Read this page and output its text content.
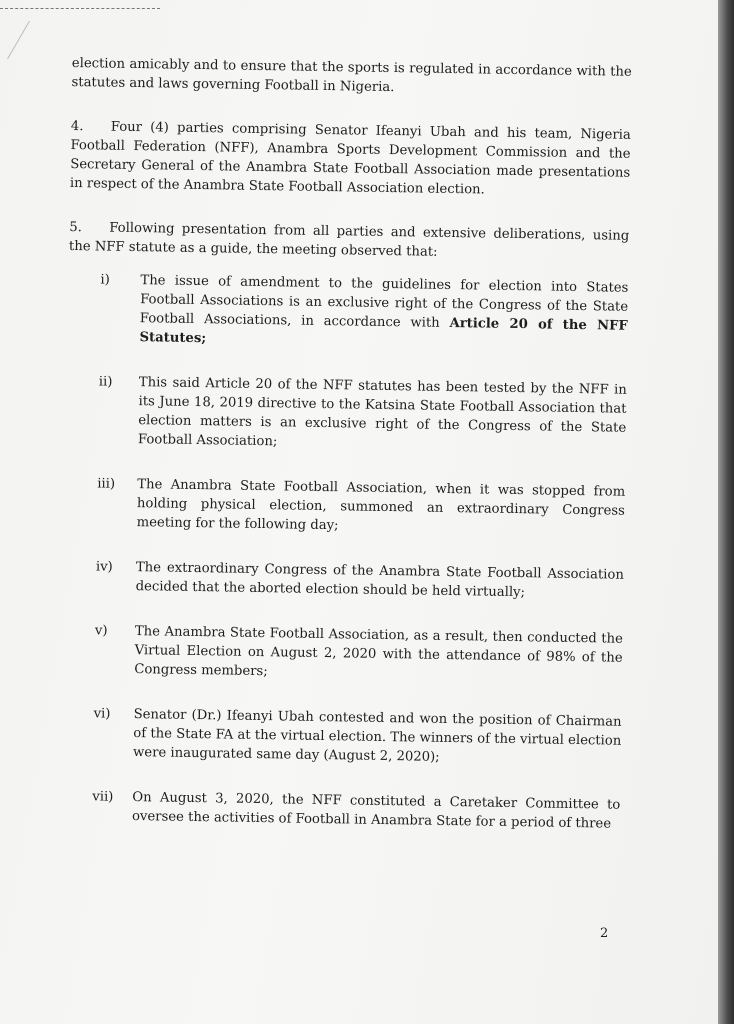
election amicably and to ensure that the sports is regulated in accordance with the statutes and laws governing Football in Nigeria.

4. Four (4) parties comprising Senator Ifeanyi Ubah and his team, Nigeria Football Federation (NFF), Anambra Sports Development Commission and the Secretary General of the Anambra State Football Association made presentations in respect of the Anambra State Football Association election.

5. Following presentation from all parties and extensive deliberations, using the NFF statute as a guide, the meeting observed that:

i) The issue of amendment to the guidelines for election into States Football Associations is an exclusive right of the Congress of the State Football Associations, in accordance with Article 20 of the NFF Statutes;
ii) This said Article 20 of the NFF statutes has been tested by the NFF in its June 18, 2019 directive to the Katsina State Football Association that election matters is an exclusive right of the Congress of the State Football Association;
iii) The Anambra State Football Association, when it was stopped from holding physical election, summoned an extraordinary Congress meeting for the following day;
iv) The extraordinary Congress of the Anambra State Football Association decided that the aborted election should be held virtually;
v) The Anambra State Football Association, as a result, then conducted the Virtual Election on August 2, 2020 with the attendance of 98% of the Congress members;
vi) Senator (Dr.) Ifeanyi Ubah contested and won the position of Chairman of the State FA at the virtual election. The winners of the virtual election were inaugurated same day (August 2, 2020);
vii) On August 3, 2020, the NFF constituted a Caretaker Committee to oversee the activities of Football in Anambra State for a period of three
2
